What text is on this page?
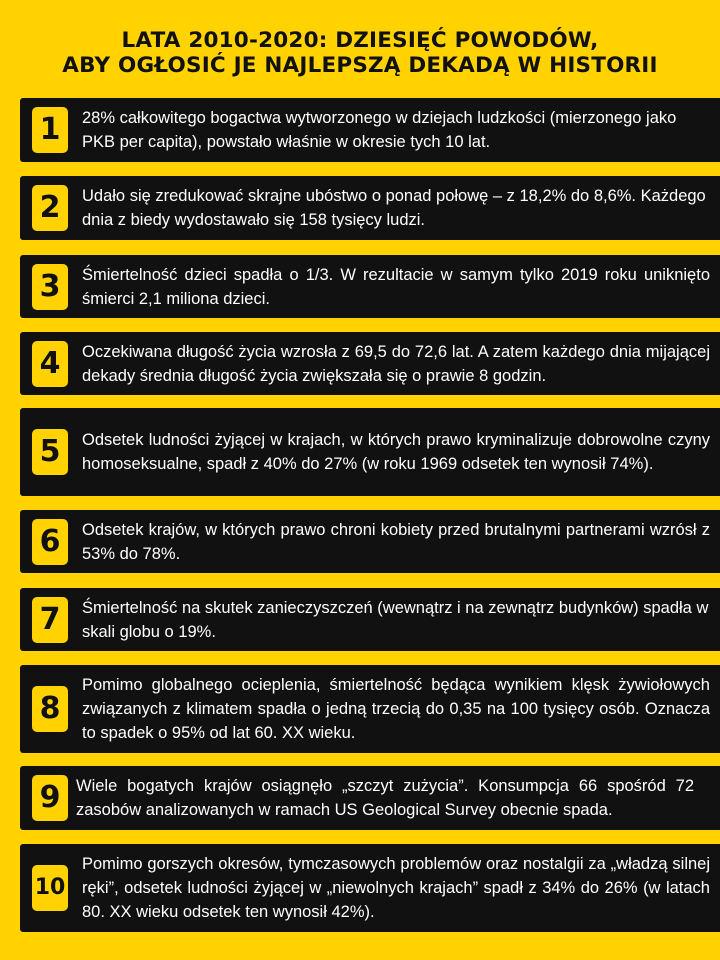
LATA 2010-2020: DZIESIĘĆ POWODÓW,
ABY OGŁOSIĆ JE NAJLEPSZĄ DEKADĄ W HISTORII
1	28% całkowitego bogactwa wytworzonego w dziejach ludzkości (mierzonego jako PKB per capita), powstało właśnie w okresie tych 10 lat.
2	Udało się zredukować skrajne ubóstwo o ponad połowę – z 18,2% do 8,6%. Każdego dnia z biedy wydostawało się 158 tysięcy ludzi.
3	Śmiertelność dzieci spadła o 1/3. W rezultacie w samym tylko 2019 roku uniknięto śmierci 2,1 miliona dzieci.
4	Oczekiwana długość życia wzrosła z 69,5 do 72,6 lat. A zatem każdego dnia mijającej dekady średnia długość życia zwiększała się o prawie 8 godzin.
5	Odsetek ludności żyjącej w krajach, w których prawo kryminalizuje dobrowolne czyny homoseksualne, spadł z 40% do 27% (w roku 1969 odsetek ten wynosił 74%).
6	Odsetek krajów, w których prawo chroni kobiety przed brutalnymi partnerami wzrósł z 53% do 78%.
7	Śmiertelność na skutek zanieczyszczeń (wewnątrz i na zewnątrz budynków) spadła w skali globu o 19%.
8
Pomimo globalnego ocieplenia, śmiertelność będąca wynikiem klęsk żywiołowych związanych z klimatem spadła o jedną trzecią do 0,35 na 100 tysięcy osób. Oznacza to spadek o 95% od lat 60. XX wieku.
9 Wiele bogatych krajów osiągnęło „szczyt zużycia”. Konsumpcja 66 spośród 72 zasobów analizowanych w ramach US Geological Survey obecnie spada.
10
Pomimo gorszych okresów, tymczasowych problemów oraz nostalgii za „władzą silnej ręki”, odsetek ludności żyjącej w „niewolnych krajach” spadł z 34% do 26% (w latach 80. XX wieku odsetek ten wynosił 42%).
